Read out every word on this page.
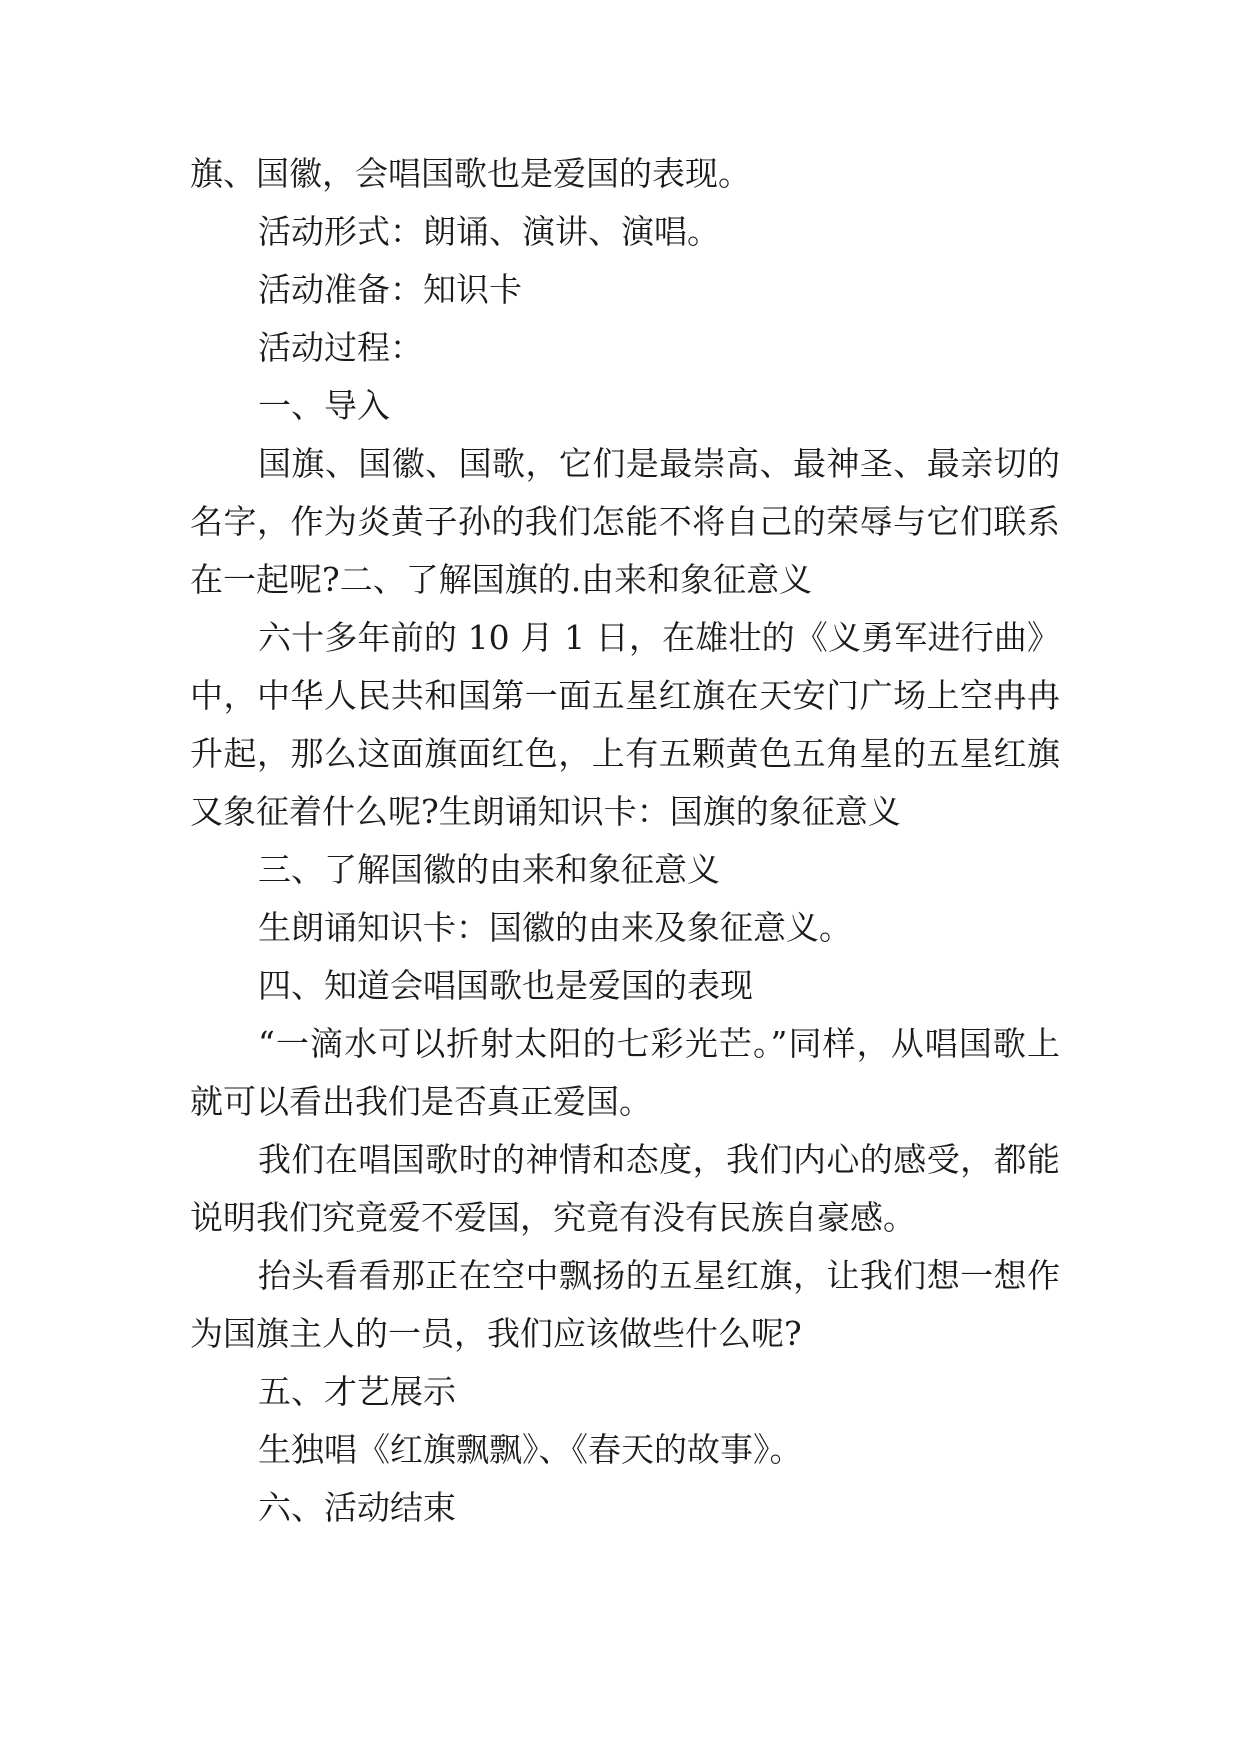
旗、国徽，会唱国歌也是爱国的表现。

活动形式：朗诵、演讲、演唱。

活动准备：知识卡

活动过程：

一、导入

国旗、国徽、国歌，它们是最崇高、最神圣、最亲切的名字，作为炎黄子孙的我们怎能不将自己的荣辱与它们联系在一起呢?二、了解国旗的.由来和象征意义

六十多年前的 10 月 1 日，在雄壮的《义勇军进行曲》中，中华人民共和国第一面五星红旗在天安门广场上空冉冉升起，那么这面旗面红色，上有五颗黄色五角星的五星红旗又象征着什么呢?生朗诵知识卡：国旗的象征意义

三、了解国徽的由来和象征意义

生朗诵知识卡：国徽的由来及象征意义。

四、知道会唱国歌也是爱国的表现

“一滴水可以折射太阳的七彩光芒。”同样，从唱国歌上就可以看出我们是否真正爱国。

我们在唱国歌时的神情和态度，我们内心的感受，都能说明我们究竟爱不爱国，究竟有没有民族自豪感。

抬头看看那正在空中飘扬的五星红旗，让我们想一想作为国旗主人的一员，我们应该做些什么呢?

五、才艺展示

生独唱《红旗飘飘》、《春天的故事》。

六、活动结束
